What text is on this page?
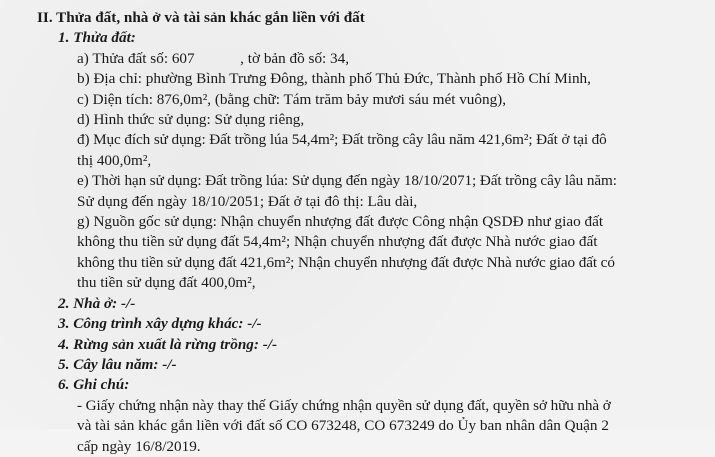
II. Thửa đất, nhà ở và tài sản khác gắn liền với đất
1. Thửa đất:
a) Thửa đất số: 607            , tờ bản đồ số: 34,
b) Địa chỉ: phường Bình Trưng Đông, thành phố Thủ Đức, Thành phố Hồ Chí Minh,
c) Diện tích: 876,0m², (bằng chữ: Tám trăm bảy mươi sáu mét vuông),
d) Hình thức sử dụng: Sử dụng riêng,
đ) Mục đích sử dụng: Đất trồng lúa 54,4m²; Đất trồng cây lâu năm 421,6m²; Đất ở tại đô
thị 400,0m²,
e) Thời hạn sử dụng: Đất trồng lúa: Sử dụng đến ngày 18/10/2071; Đất trồng cây lâu năm:
Sử dụng đến ngày 18/10/2051; Đất ở tại đô thị: Lâu dài,
g) Nguồn gốc sử dụng: Nhận chuyển nhượng đất được Công nhận QSDĐ như giao đất
không thu tiền sử dụng đất 54,4m²; Nhận chuyển nhượng đất được Nhà nước giao đất
không thu tiền sử dụng đất 421,6m²; Nhận chuyển nhượng đất được Nhà nước giao đất có
thu tiền sử dụng đất 400,0m²,
2. Nhà ở: -/-
3. Công trình xây dựng khác: -/-
4. Rừng sản xuất là rừng trồng: -/-
5. Cây lâu năm: -/-
6. Ghi chú:
- Giấy chứng nhận này thay thế Giấy chứng nhận quyền sử dụng đất, quyền sở hữu nhà ở
và tài sản khác gắn liền với đất số CO 673248, CO 673249 do Ủy ban nhân dân Quận 2
cấp ngày 16/8/2019.
